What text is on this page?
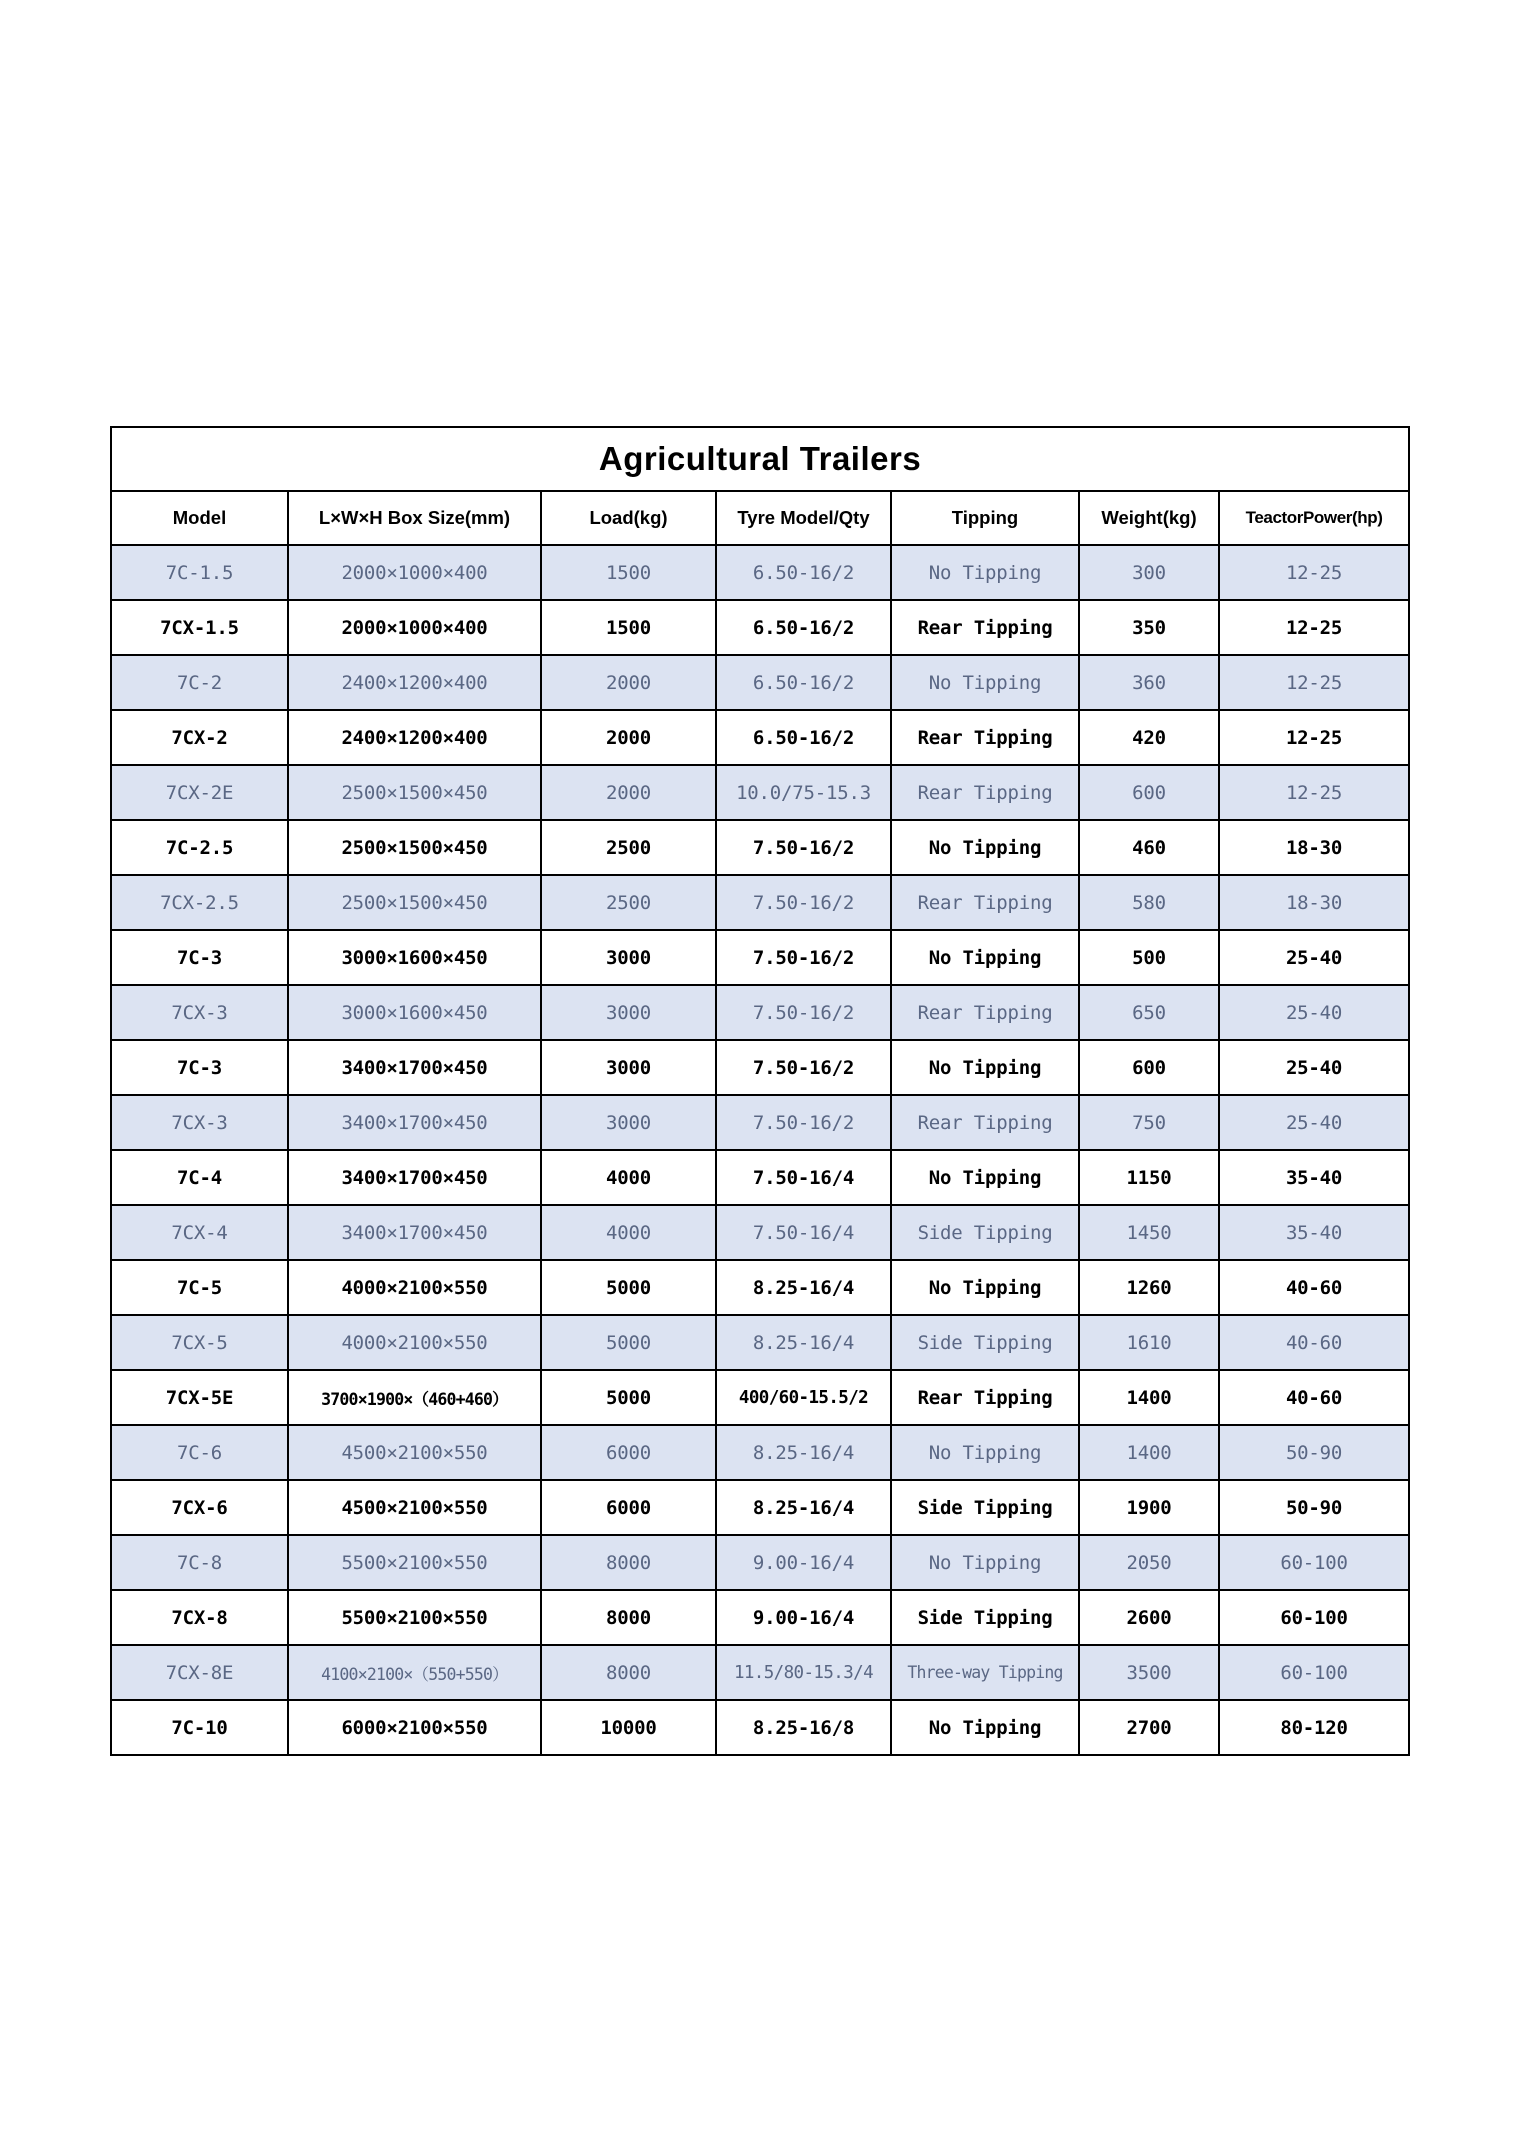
Agricultural Trailers						
Model	L×W×H Box Size(mm)	Load(kg)	Tyre Model/Qty	Tipping	Weight(kg)	TeactorPower(hp)
7C-1.5	2000×1000×400	1500	6.50-16/2	No Tipping	300	12-25
7CX-1.5	2000×1000×400	1500	6.50-16/2	Rear Tipping	350	12-25
7C-2	2400×1200×400	2000	6.50-16/2	No Tipping	360	12-25
7CX-2	2400×1200×400	2000	6.50-16/2	Rear Tipping	420	12-25
7CX-2E	2500×1500×450	2000	10.0/75-15.3	Rear Tipping	600	12-25
7C-2.5	2500×1500×450	2500	7.50-16/2	No Tipping	460	18-30
7CX-2.5	2500×1500×450	2500	7.50-16/2	Rear Tipping	580	18-30
7C-3	3000×1600×450	3000	7.50-16/2	No Tipping	500	25-40
7CX-3	3000×1600×450	3000	7.50-16/2	Rear Tipping	650	25-40
7C-3	3400×1700×450	3000	7.50-16/2	No Tipping	600	25-40
7CX-3	3400×1700×450	3000	7.50-16/2	Rear Tipping	750	25-40
7C-4	3400×1700×450	4000	7.50-16/4	No Tipping	1150	35-40
7CX-4	3400×1700×450	4000	7.50-16/4	Side Tipping	1450	35-40
7C-5	4000×2100×550	5000	8.25-16/4	No Tipping	1260	40-60
7CX-5	4000×2100×550	5000	8.25-16/4	Side Tipping	1610	40-60
7CX-5E	3700×1900×（460+460）	5000	400/60-15.5/2	Rear Tipping	1400	40-60
7C-6	4500×2100×550	6000	8.25-16/4	No Tipping	1400	50-90
7CX-6	4500×2100×550	6000	8.25-16/4	Side Tipping	1900	50-90
7C-8	5500×2100×550	8000	9.00-16/4	No Tipping	2050	60-100
7CX-8	5500×2100×550	8000	9.00-16/4	Side Tipping	2600	60-100
7CX-8E	4100×2100×（550+550）	8000	11.5/80-15.3/4	Three-way Tipping	3500	60-100
7C-10	6000×2100×550	10000	8.25-16/8	No Tipping	2700	80-120
